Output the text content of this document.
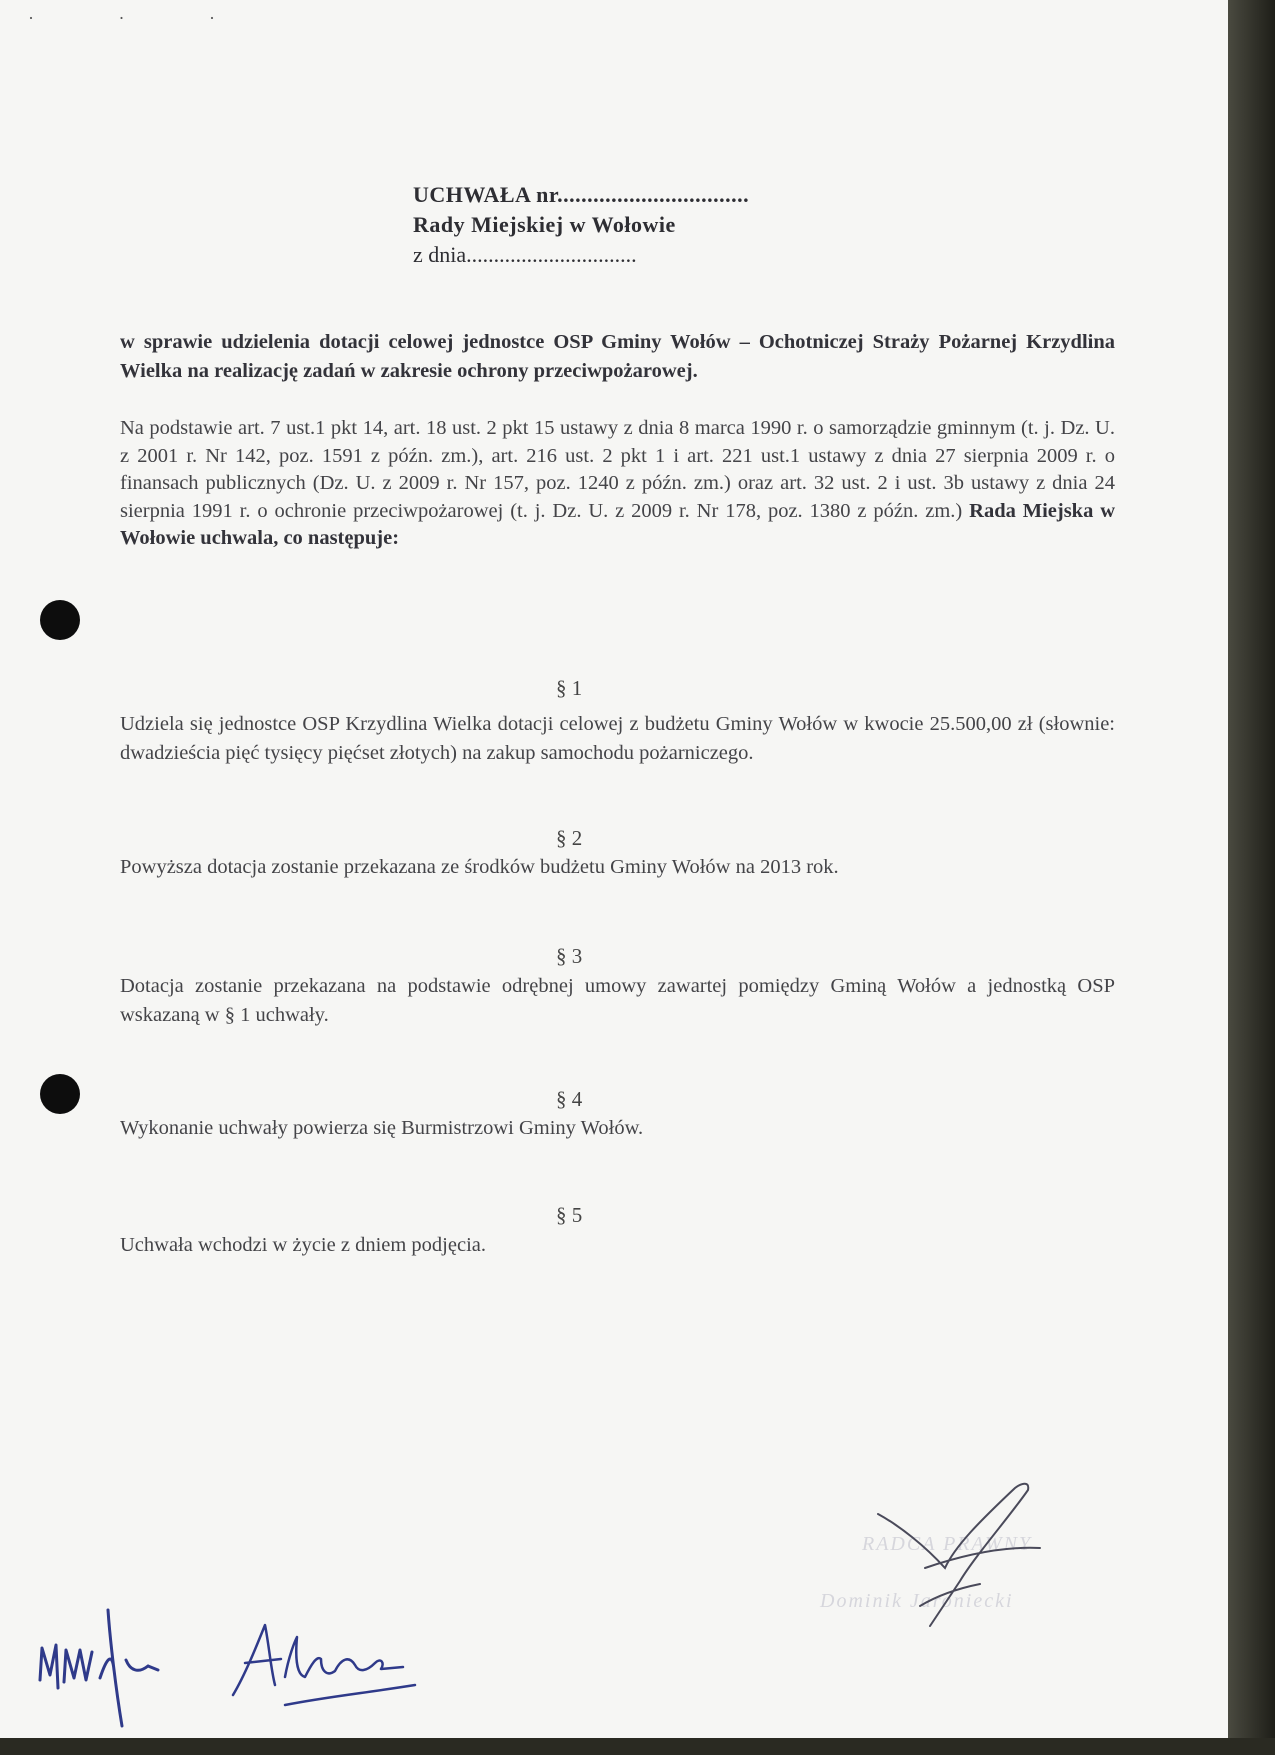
· · ·
UCHWAŁA nr................................
Rady Miejskiej w Wołowie
z dnia...............................
w sprawie udzielenia dotacji celowej jednostce OSP Gminy Wołów – Ochotniczej Straży Pożarnej Krzydlina Wielka na realizację zadań w zakresie ochrony przeciwpożarowej.
Na podstawie art. 7 ust.1 pkt 14, art. 18 ust. 2 pkt 15 ustawy z dnia 8 marca 1990 r. o samorządzie gminnym (t. j. Dz. U. z 2001 r. Nr 142, poz. 1591 z późn. zm.), art. 216 ust. 2 pkt 1 i art. 221 ust.1 ustawy z dnia 27 sierpnia 2009 r. o finansach publicznych (Dz. U. z 2009 r. Nr 157, poz. 1240 z późn. zm.) oraz art. 32 ust. 2 i ust. 3b ustawy z dnia 24 sierpnia 1991 r. o ochronie przeciwpożarowej (t. j. Dz. U. z 2009 r. Nr 178, poz. 1380 z późn. zm.) Rada Miejska w Wołowie uchwala, co następuje:
§ 1
Udziela się jednostce OSP Krzydlina Wielka dotacji celowej z budżetu Gminy Wołów w kwocie 25.500,00 zł (słownie: dwadzieścia pięć tysięcy pięćset złotych) na zakup samochodu pożarniczego.
§ 2
Powyższa dotacja zostanie przekazana ze środków budżetu Gminy Wołów na 2013 rok.
§ 3
Dotacja zostanie przekazana na podstawie odrębnej umowy zawartej pomiędzy Gminą Wołów a jednostką OSP wskazaną w § 1 uchwały.
§ 4
Wykonanie uchwały powierza się Burmistrzowi Gminy Wołów.
§ 5
Uchwała wchodzi w życie z dniem podjęcia.
RADCA PRAWNY
Dominik Jaroniecki
